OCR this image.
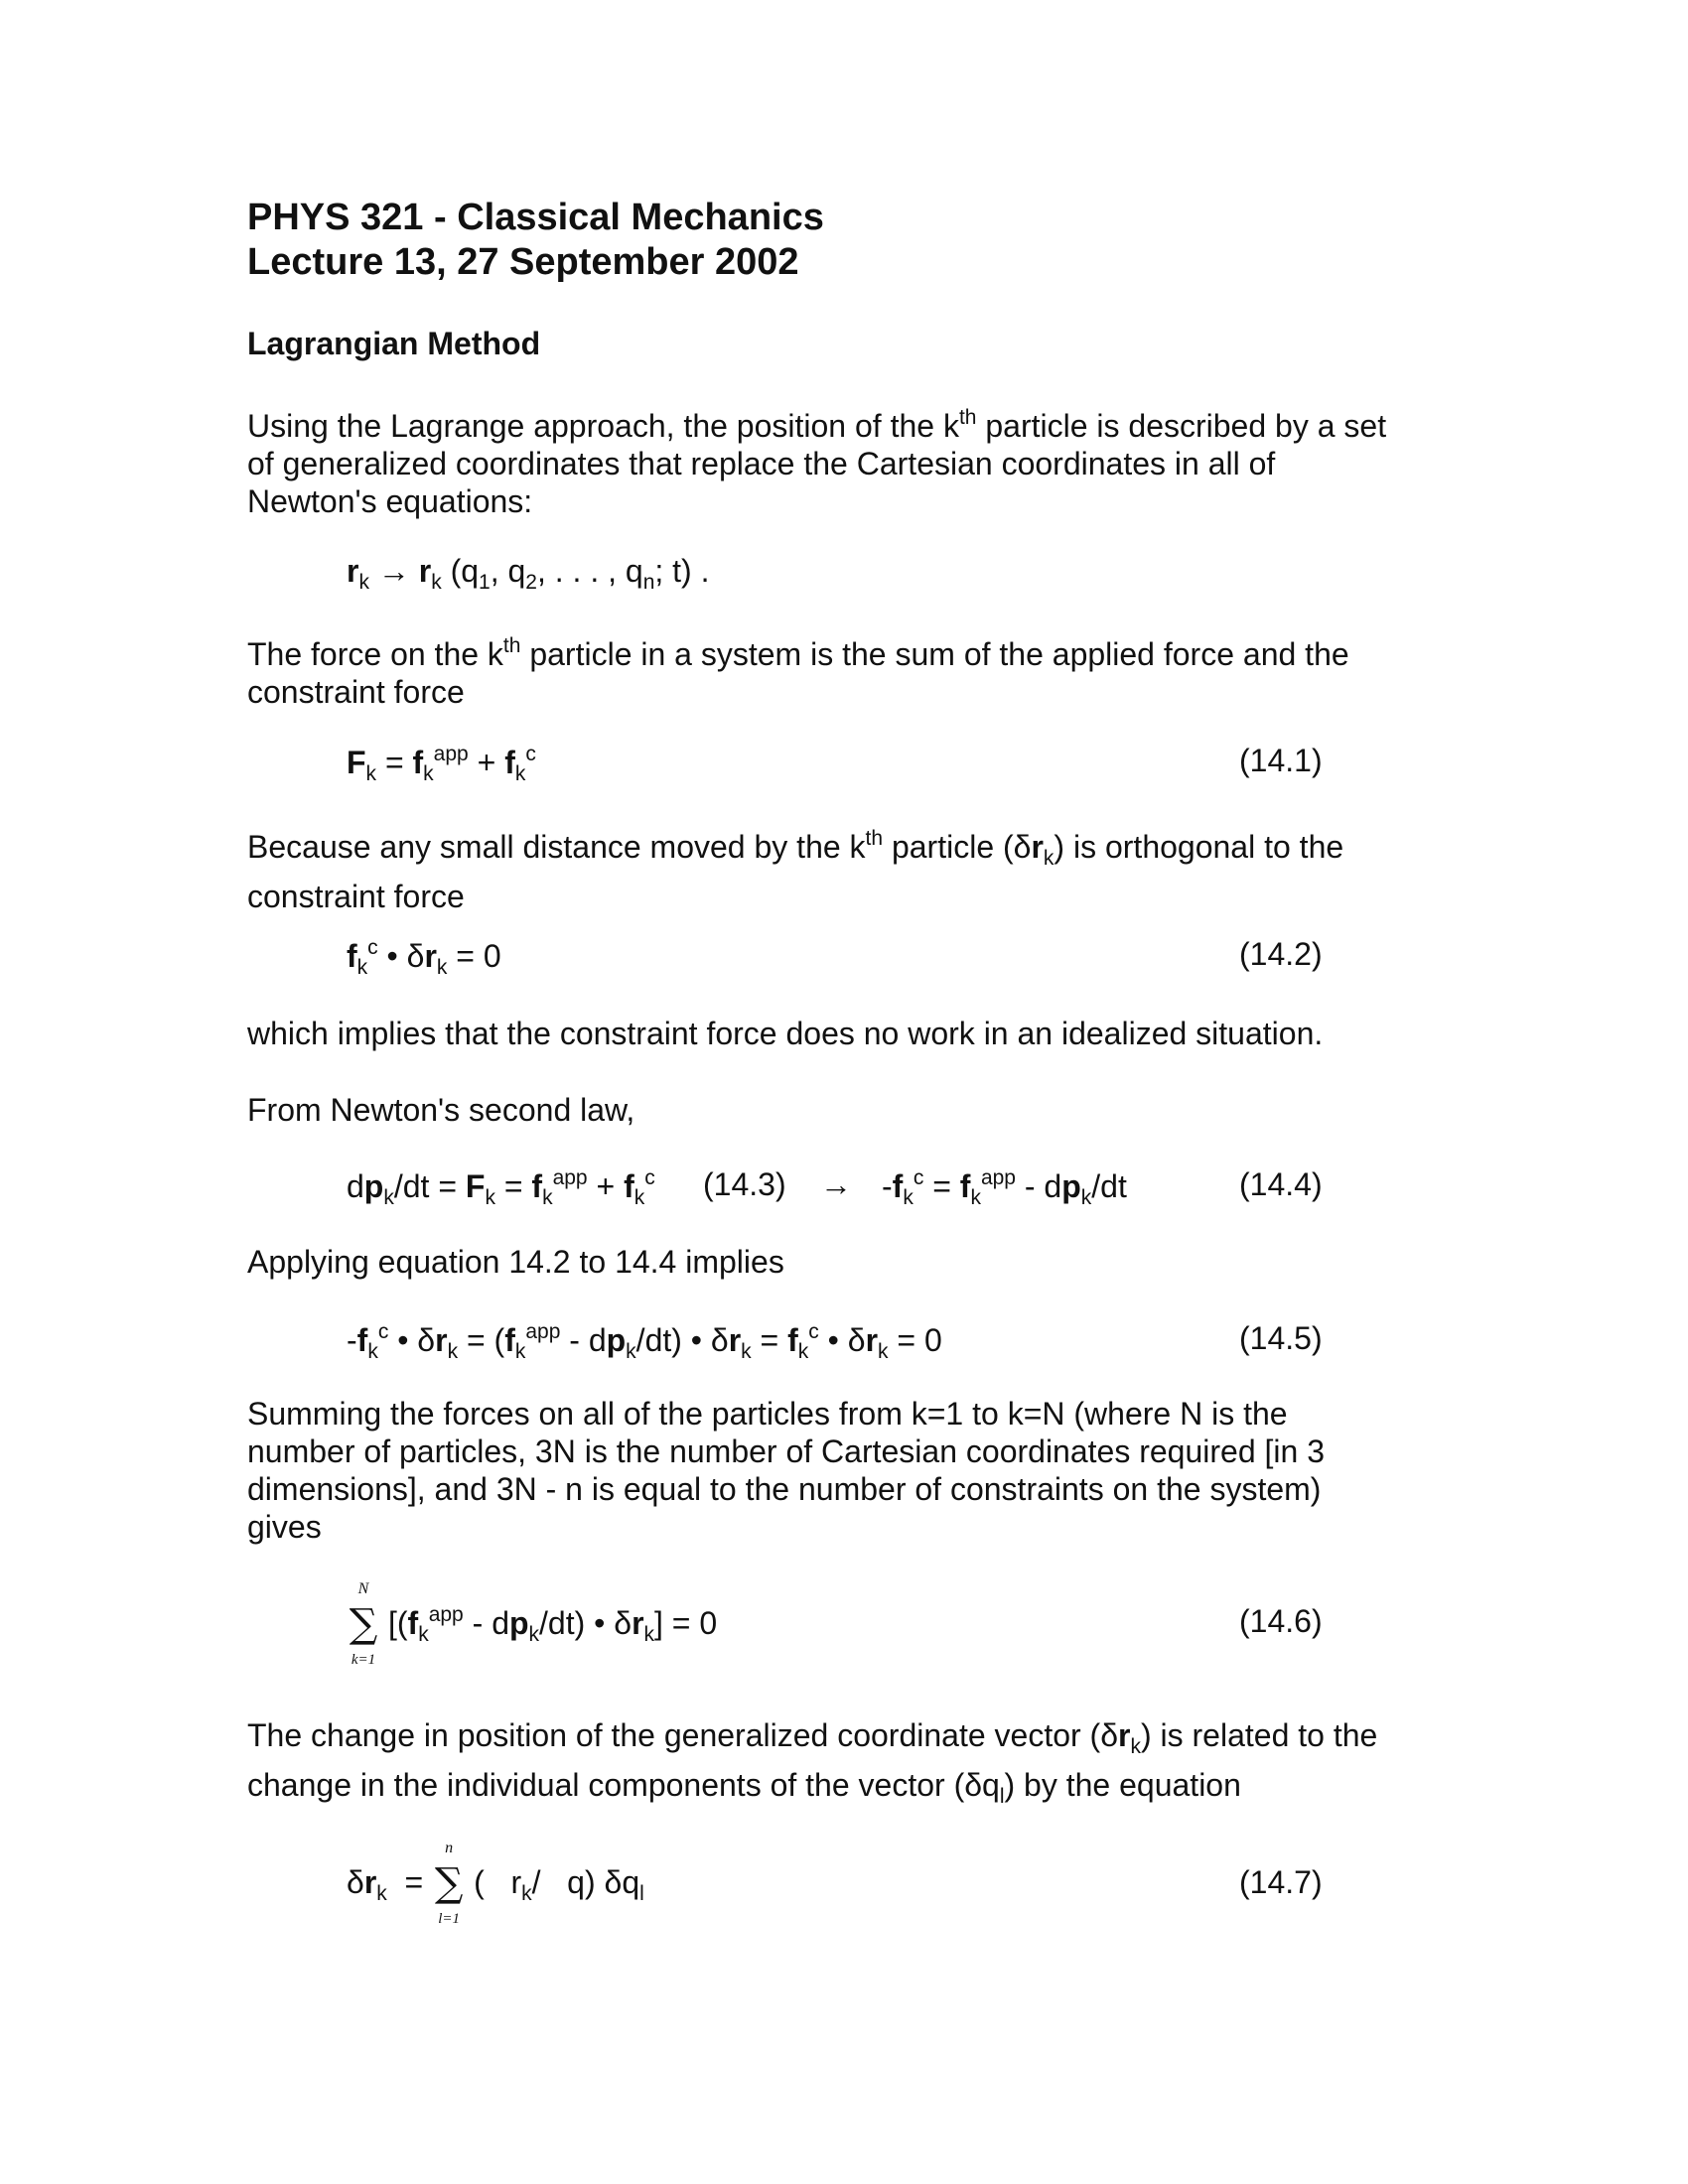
PHYS 321 - Classical Mechanics
Lecture 13, 27 September 2002
Lagrangian Method
Using the Lagrange approach, the position of the $k^{th}$ particle is described by a set
of generalized coordinates that replace the Cartesian coordinates in all of
Newton's equations:
$r_k \to r_k$ ($q_1$, $q_2$, . . . , $q_n$; t) .
The force on the $k^{th}$ particle in a system is the sum of the applied force and the
constraint force
$F_k = f_k^{app} + f_k^c$	(14.1)
Because any small distance moved by the $k^{th}$ particle $(\delta r_k)$ is orthogonal to the
constraint force
$f_k^c$ • $\delta r_k = 0$	(14.2)
which implies that the constraint force does no work in an idealized situation.
From Newton's second law,
$dp_k/dt = F_k = f_k^{app} + f_k^c$ $(14.3) \to -f_k^c = f_k^{app} - dp_k/dt$	(14.4)
Applying equation 14.2 to 14.4 implies
$-f_k^c$ • $\delta r_k = (f_k^{app} - dp_k/dt)$ • $\delta r_k = f_k^c$ • $\delta r_k = 0$	(14.5)
Summing the forces on all of the particles from k=1 to k=N (where N is the
number of particles, 3N is the number of Cartesian coordinates required [in 3
dimensions], and 3N - n is equal to the number of constraints on the system)
gives
N
∑
k=1
[$(f_k^{app} - dp_k/dt)$ • $\delta r_k] = 0$	(14.6)
The change in position of the generalized coordinate vector $(\delta r_k)$ is related to the
change in the individual components of the vector $(\delta q_l)$ by the equation
$\delta r_k$  =
n
∑
l=1
(   $r_k/$   q) $\delta q_l$	(14.7)
